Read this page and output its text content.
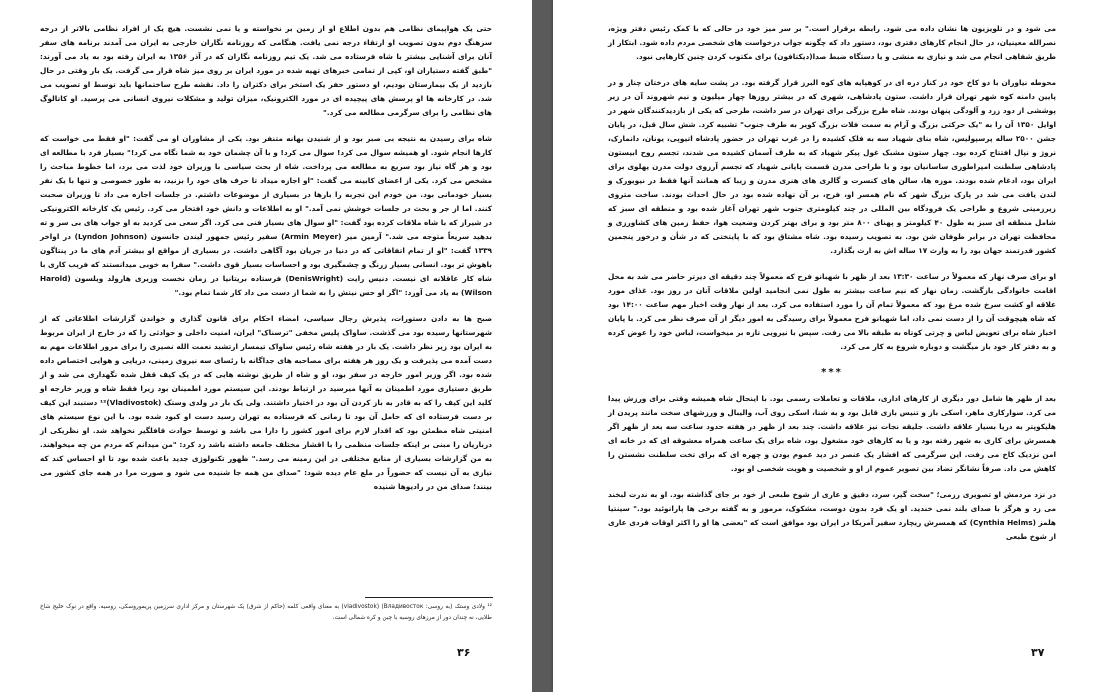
حتی یک هواپیمای نظامی هم بدون اطلاع او از زمین بر نخواسته و یا نمی نشست. هیچ یک از افراد نظامی بالاتر از درجه سرهنگ دوم بدون تصویب او ارتقاء درجه نمی یافت. هنگامی که روزنامه نگاران خارجی به ایران می آمدند برنامه های سفر آنان برای آشنایی بیشتر با شاه فرستاده می شد. یک تیم روزنامه نگاران که در آذر ۱۳۵۶ به ایران رفته بود به یاد می آورند: "طبق گفته دستیاران او، کپی از تمامی خبرهای تهیه شده در مورد ایران بر روی میز شاه قرار می گرفت. یک بار وقتی در حال بازدید از یک بیمارستان بودیم، او دستور حفر یک استخر برای دکتران را داد. نقشه طرح ساختمانها باید توسط او تصویب می شد. در کارخانه ها او پرسش های پیچیده ای در مورد الکترونیک، میزان تولید و مشکلات نیروی انسانی می پرسید. او کاتالوگ های نظامی را برای سرگرمی مطالعه می کرد."

شاه برای رسیدن به نتیجه بی صبر بود و از شنیدن بهانه متنفر بود. یکی از مشاوران او می گفت: "او فقط می خواست که کارها انجام شود. او همیشه سوال می کرد! سوال می کرد! و با آن چشمان خود به شما نگاه می کرد!" بسیار فرد با مطالعه ای بود و هر گاه نیاز بود سریع به مطالعه می پرداخت. شاه از بحث سیاسی با وزیران خود لذت می برد، اما خطوط مباحث را مشخص می کرد. یکی از اعضای کابینه می گفت: "او اجازه میداد تا حرف های خود را بزنید، به طور خصوصی و تنها با یک نفر بسیار خودمانی بود. من خودم این تجربه را بارها در بسیاری از موضوعات داشتم. در جلسات اجازه می داد تا وزیران صحبت کنند. اما از جر و بحث در جلسات خوشش نمی آمد." او به اطلاعات و دانش خود افتخار می کرد. رئیس یک کارخانه الکترونیکی در شیراز که با شاه ملاقات کرده بود گفت: "او سوال های بسیار فنی می کرد. اگر سعی می کردید به او جواب های بی سر و ته بدهید سریعاً متوجه می شد." آرمین میر (Armin Meyer) سفیر رئیس جمهور لیندن جانسون (Lyndon Johnson) در اواخر ۱۳۳۹ گفت: "او از تمام اتفاقاتی که در دنیا در جریان بود آگاهی داشت. در بسیاری از مواقع او بیشتر آدم های ما در پنتاگون باهوش تر بود. انسانی بسیار زرنگ و چشمگیری بود و احساسات بسیار قوی داشت." سفرا به خوبی میدانستند که فریب کاری با شاه کار عاقلانه ای نیست. دنیس رایت (DenisWright) فرستاده بریتانیا در زمان نخست وزیری هارولد ویلسون (Harold Wilson) به یاد می آورد: "اگر او حس نیتش را به شما از دست می داد کار شما تمام بود."

صبح ها به دادن دستورات، پذیرش رجال سیاسی، امضاء احکام برای قانون گذاری و خواندن گزارشات اطلاعاتی که از شهرستانها رسیده بود می گذشت. ساواک پلیس مخفی "ترسناک" ایران، امنیت داخلی و حوادثی را که در خارج از ایران مربوط به ایران بود زیر نظر داشت. یک بار در هفته شاه رئیس ساواک تیمسار ارتشبد نعمت الله نصیری را برای مرور اطلاعات مهم به دست آمده می پذیرفت و یک روز هر هفته برای مصاحبه های جداگانه با رئسای سه نیروی زمینی، دریایی و هوایی اختصاص داده شده بود. اگر وزیر امور خارجه در سفر بود، او و شاه از طریق نوشته هایی که در یک کیف قفل شده نگهداری می شد و از طریق دستیاری مورد اطمینان به آنها میرسید در ارتباط بودند. این سیستم مورد اطمینان بود زیرا فقط شاه و وزیر خارجه او کلید این کیف را که به قادر به باز کردن آن بود در اختیار داشتند. ولی یک بار در ولدی وستک (Vladivostok)¹² دستبند این کیف بر دست فرستاده ای که حامل آن بود تا زمانی که فرستاده به تهران رسید دست او کبود شده بود. با این نوع سیستم های امنیتی شاه مطمئن بود که اقدار لازم برای امور کشور را دارا می باشد و توسط حوادث قافلگیر نخواهد شد. او نظریکی از درباریان را مبنی بر اینکه جلسات منظمی را با اقشار مختلف جامعه داشته باشد رد کرد: "من میدانم که مردم من چه میخواهند. به من گزارشات بسیاری از منابع مختلفی در این زمینه می رسد." ظهور تکنولوژی جدید باعث شده بود تا او احساس کند که نیازی به آن نیست که حضوراً در ملع عام دیده شود: "صدای من همه جا شنیده می شود و صورت مرا در همه جای کشور می بینند؛ صدای من در رادیوها شنیده

¹² ولادی وستک (به روسی: Владивосток) (vladivostok) به معنای واقعی کلمه (حاکم از شرق) یک شهرستان و مرکز اداری سرزمین پریموروسکی، روسیه، واقع در نوک خلیج شاخ طلایی، نه چندان دور از مرزهای روسیه با چین و کره شمالی است.
۳۶

می شود و در تلویزیون ها نشان داده می شود. رابطه برقرار است." بر سر میز خود در حالی که با کمک رئیس دفتر ویژه، نصرالله معینیان، در حال انجام کارهای دفتری بود، دستور داد که چگونه جواب درخواست های شخصی مردم داده شود. ابتکار از طریق شفاهی انجام می شد و نیازی به منشی و یا دستگاه ضبط صدا(دیکتافون) برای مکتوب کردن چنین کارهایی نبود.

محوطه نیاوران با دو کاخ خود در کنار دره ای در کوهپایه های کوه البرز قرار گرفته بود. در پشت سایه های درختان چنار و در پایین دامنه کوه شهر تهران قرار داشت. ستون پادشاهی، شهری که در بیشتر روزها چهار میلیون و نیم شهروند آن در زیر پوششی از دود زرد و آلودگی پنهان بودند. شاه طرح بزرگی برای تهران در سر داشت، طرحی که یکی از بازدیدکنندگان شهر در اوایل ۱۳۵۰ آن را به "یک حرکتی بزرگ و آرام به سمت فلات بزرگ کویر به طرف جنوب" تشبیه کرد. شش سال قبل، در پایان جشن ۲۵۰۰ ساله پرسپولیس، شاه بنای شهیاد سه به فلک کشیده را در غرب تهران در حضور پادشاه اتیوپی، یونان، دانمارک، نروژ و نپال افتتاح کرده بود. چهار ستون مشبک غول پیکر شهیاد که به طرف آسمان کشیده می شدند، تجسم روح ابیستون پادشاهی سلطنت امپراطوری ساسانیان بود و با طراحی مدرن قسمت پایانی شهیاد که تجسم آرزوی دولت مدرن پهلوی برای ایران بود، ادغام شده بودند. موزه ها، سالن های کنسرت و گالری های هنری مدرن و زیبا که همانند آنها فقط در نیویورک و لندن یافت می شد در پارک بزرگ شهر که نام همسر او، فرح، بر آن نهاده شده بود در حال احداث بودند. ساخت متروی زیرزمینی شروع و طراحی یک فرودگاه بین المللی در چند کیلومتری جنوب شهر تهران آغاز شده بود و منطقه ای سبز که شامل منطقه ای سبز به طول ۴۰ کیلومتر و پهنای ۸۰۰ متر بود و برای بهتر کردن وضعیت هوا، حفظ زمین های کشاورزی و محافظت تهران در برابر طوفان شن بود. به تصویب رسیده بود. شاه مشتاق بود که با پایتختی که در شأن و درخور پنجمین کشور قدرتمند جهان بود را به وارث ۱۷ ساله اش به ارث بگذارد.

او برای صرف نهار که معمولاً در ساعت ۱۳:۳۰ بعد از ظهر با شهبانو فرح که معمولاً چند دقیقه ای دیرتر حاضر می شد به محل اقامت خانوادگی بازگشت. زمان نهار که نیم ساعت بیشتر به طول نمی انجامید اولین ملاقات آنان در روز بود. غذای مورد علاقه او کشت سرخ شده مرغ بود که معمولاً تمام آن را مورد استفاده می کرد. بعد از نهار وقت اخبار مهم ساعت ۱۴:۰۰ بود که شاه هیچوقت آن را از دست نمی داد، اما شهبانو فرح معمولاً برای رسیدگی به امور دیگر از آن صرف نظر می کرد. با پایان اخبار شاه برای تعویض لباس و چرتی کوتاه به طبقه بالا می رفت. سپس با نیرویی تازه بر میخواست، لباس خود را عوض کرده و به دفتر کار خود باز میگشت و دوباره شروع به کار می کرد.

***

بعد از ظهر ها شامل دور دیگری از کارهای اداری، ملاقات و تعاملات رسمی بود. با اینحال شاه همیشه وقتی برای ورزش پیدا می کرد. سوارکاری ماهر، اسکی باز و تنیس بازی قابل بود و به شنا، اسکی روی آب، والیبال و ورزشهای سخت مانند پریدن از هلیکوپتر به دریا بسیار علاقه داشت. جلیقه نجات نیز علاقه داشت. چند بعد از ظهر در هفته حدود ساعت سه بعد از ظهر اگر همسرش برای کاری به شهر رفته بود و یا به کارهای خود مشغول بود، شاه برای یک ساعت همراه معشوقه ای که در خانه ای امن نزدیک کاخ می رفت. این سرگرمی که افشار یک عنصر در دید عموم بودن و چهره ای که برای تخت سلطنت نشستن را کاهش می داد. صرفاً نشانگر تضاد بین تصویر عموم از او و شخصیت و هویت شخصی او بود.

در نزد مردمش او تصویری رزمی؛ "سخت گیر، سرد، دقیق و عاری از شوخ طبعی از خود بر جای گذاشته بود. او به ندرت لبخند می زد و هرگز با صدای بلند نمی خندید. او یک فرد بدون دوست، مشکوک، مرموز و به گفته برخی ها پارانوئید بود." سینتیا هلمز (Cynthia Helms) که همسرش ریچارد سفیر آمریکا در ایران بود موافق است که "بعضی ها او را اکثر اوقات فردی عاری از شوخ طبعی

۳۷
